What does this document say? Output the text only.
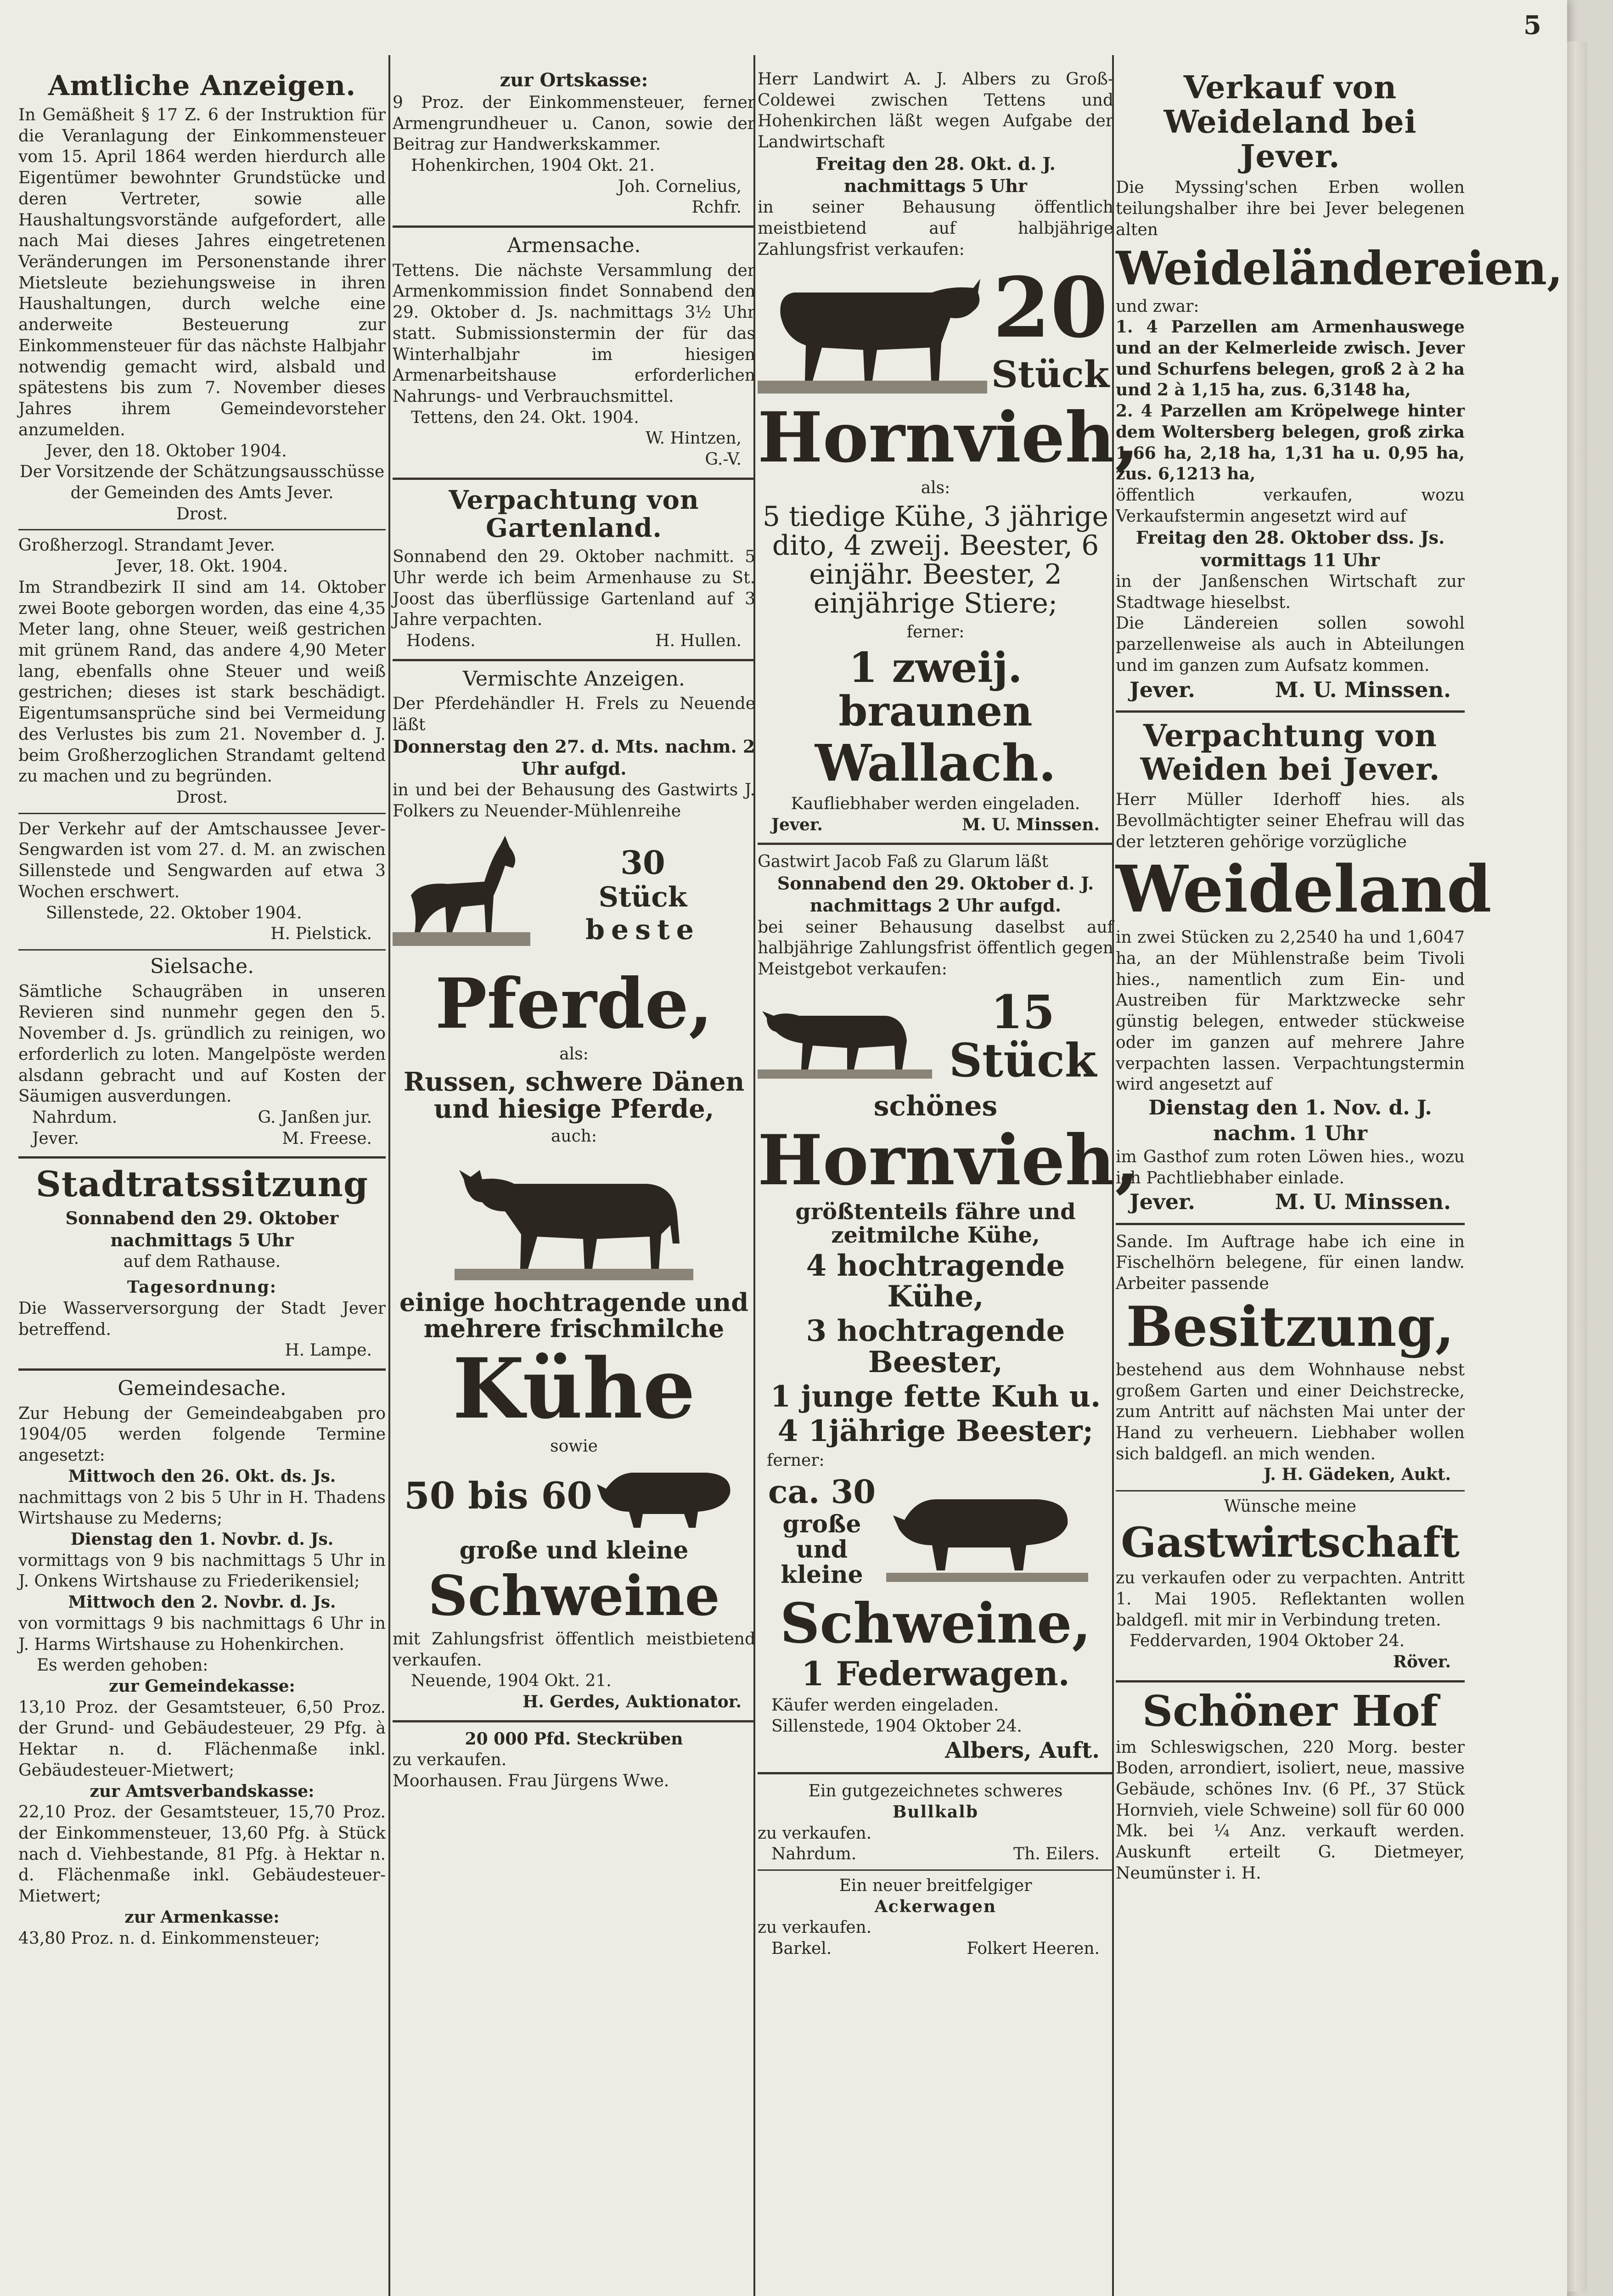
5
Amtliche Anzeigen.

In Gemäßheit § 17 Z. 6 der Instruktion für die Veranlagung der Einkommensteuer vom 15. April 1864 werden hierdurch alle Eigentümer bewohnter Grundstücke und deren Vertreter, sowie alle Haushaltungsvorstände aufgefordert, alle nach Mai dieses Jahres eingetretenen Veränderungen im Personenstande ihrer Mietsleute beziehungsweise in ihren Haushaltungen, durch welche eine anderweite Besteuerung zur Einkommensteuer für das nächste Halbjahr notwendig gemacht wird, alsbald und spätestens bis zum 7. November dieses Jahres ihrem Gemeindevorsteher anzumelden.

Jever, den 18. Oktober 1904.
Der Vorsitzende der Schätzungsausschüsse der Gemeinden des Amts Jever.
Drost.
Großherzogl. Strandamt Jever.
Jever, 18. Okt. 1904.

Im Strandbezirk II sind am 14. Oktober zwei Boote geborgen worden, das eine 4,35 Meter lang, ohne Steuer, weiß gestrichen mit grünem Rand, das andere 4,90 Meter lang, ebenfalls ohne Steuer und weiß gestrichen; dieses ist stark beschädigt. Eigentumsansprüche sind bei Vermeidung des Verlustes bis zum 21. November d. J. beim Großherzoglichen Strandamt geltend zu machen und zu begründen.

Drost.

Der Verkehr auf der Amtschaussee Jever-Sengwarden ist vom 27. d. M. an zwischen Sillenstede und Sengwarden auf etwa 3 Wochen erschwert.

Sillenstede, 22. Oktober 1904.
H. Pielstick.
Sielsache.

Sämtliche Schaugräben in unseren Revieren sind nunmehr gegen den 5. November d. Js. gründlich zu reinigen, wo erforderlich zu loten. Mangelpöste werden alsdann gebracht und auf Kosten der Säumigen ausverdungen.

Nahrdum.	G. Janßen jur.
Jever.	M. Freese.
Stadtratssitzung
Sonnabend den 29. Oktober nachmittags 5 Uhr
auf dem Rathause.
Tagesordnung:

Die Wasserversorgung der Stadt Jever betreffend.

H. Lampe.
Gemeindesache.

Zur Hebung der Gemeindeabgaben pro 1904/05 werden folgende Termine angesetzt:

Mittwoch den 26. Okt. ds. Js.

nachmittags von 2 bis 5 Uhr in H. Thadens Wirtshause zu Mederns;

Dienstag den 1. Novbr. d. Js.

vormittags von 9 bis nachmittags 5 Uhr in J. Onkens Wirtshause zu Friederikensiel;

Mittwoch den 2. Novbr. d. Js.

von vormittags 9 bis nachmittags 6 Uhr in J. Harms Wirtshause zu Hohenkirchen.

Es werden gehoben:
zur Gemeindekasse:

13,10 Proz. der Gesamtsteuer, 6,50 Proz. der Grund- und Gebäudesteuer, 29 Pfg. à Hektar n. d. Flächenmaße inkl. Gebäudesteuer-Mietwert;

zur Amtsverbandskasse:

22,10 Proz. der Gesamtsteuer, 15,70 Proz. der Einkommensteuer, 13,60 Pfg. à Stück nach d. Viehbestande, 81 Pfg. à Hektar n. d. Flächenmaße inkl. Gebäudesteuer-Mietwert;

zur Armenkasse:

43,80 Proz. n. d. Einkommensteuer;

zur Ortskasse:

9 Proz. der Einkommensteuer, ferner Armengrundheuer u. Canon, sowie der Beitrag zur Handwerkskammer.

Hohenkirchen, 1904 Okt. 21.
Joh. Cornelius,
Rchfr.
Armensache.

Tettens. Die nächste Versammlung der Armenkommission findet Sonnabend den 29. Oktober d. Js. nachmittags 3½ Uhr statt. Submissionstermin der für das Winterhalbjahr im hiesigen Armenarbeitshause erforderlichen Nahrungs- und Verbrauchsmittel.

Tettens, den 24. Okt. 1904.
W. Hintzen,
G.-V.
Verpachtung von Gartenland.

Sonnabend den 29. Oktober nachmitt. 5 Uhr werde ich beim Armenhause zu St. Joost das überflüssige Gartenland auf 3 Jahre verpachten.

Hodens.	H. Hullen.
Vermischte Anzeigen.

Der Pferdehändler H. Frels zu Neuende läßt

Donnerstag den 27. d. Mts. nachm. 2 Uhr aufgd.

in und bei der Behausung des Gastwirts J. Folkers zu Neuender-Mühlenreihe

30
Stück
beste
Pferde,
als:
Russen, schwere Dänen und hiesige Pferde,
auch:
einige hochtragende und mehrere frischmilche
Kühe
sowie
50 bis 60
große und kleine
Schweine

mit Zahlungsfrist öffentlich meistbietend verkaufen.

Neuende, 1904 Okt. 21.
H. Gerdes, Auktionator.
20 000 Pfd. Steckrüben
zu verkaufen.
Moorhausen. Frau Jürgens Wwe.

Herr Landwirt A. J. Albers zu Groß-Coldewei zwischen Tettens und Hohenkirchen läßt wegen Aufgabe der Landwirtschaft

Freitag den 28. Okt. d. J. nachmittags 5 Uhr

in seiner Behausung öffentlich meistbietend auf halbjährige Zahlungsfrist verkaufen:

20
Stück
Hornvieh,
als:
5 tiedige Kühe, 3 jährige dito, 4 zweij. Beester, 6 einjähr. Beester, 2 einjährige Stiere;
ferner:
1 zweij. braunen
Wallach.
Kaufliebhaber werden eingeladen.
Jever.	M. U. Minssen.

Gastwirt Jacob Faß zu Glarum läßt

Sonnabend den 29. Oktober d. J. nachmittags 2 Uhr aufgd.

bei seiner Behausung daselbst auf halbjährige Zahlungsfrist öffentlich gegen Meistgebot verkaufen:

15 Stück
schönes
Hornvieh,
größtenteils fähre und zeitmilche Kühe,
4 hochtragende Kühe,
3 hochtragende Beester,
1 junge fette Kuh u.
4 1jährige Beester;
ferner:
ca. 30
große und kleine
Schweine,
1 Federwagen.
Käufer werden eingeladen.
Sillenstede, 1904 Oktober 24.
Albers, Auft.
Ein gutgezeichnetes schweres
Bullkalb
zu verkaufen.
Nahrdum.	Th. Eilers.
Ein neuer breitfelgiger
Ackerwagen
zu verkaufen.
Barkel.	Folkert Heeren.
Verkauf von Weideland bei Jever.

Die Myssing'schen Erben wollen teilungshalber ihre bei Jever belegenen alten

Weideländereien,
und zwar:

1. 4 Parzellen am Armenhauswege und an der Kelmerleide zwisch. Jever und Schurfens belegen, groß 2 à 2 ha und 2 à 1,15 ha, zus. 6,3148 ha,

2. 4 Parzellen am Kröpelwege hinter dem Woltersberg belegen, groß zirka 1,66 ha, 2,18 ha, 1,31 ha u. 0,95 ha, zus. 6,1213 ha,

öffentlich verkaufen, wozu Verkaufstermin angesetzt wird auf

Freitag den 28. Oktober dss. Js. vormittags 11 Uhr

in der Janßenschen Wirtschaft zur Stadtwage hieselbst.

Die Ländereien sollen sowohl parzellenweise als auch in Abteilungen und im ganzen zum Aufsatz kommen.

Jever.	M. U. Minssen.
Verpachtung von Weiden bei Jever.

Herr Müller Iderhoff hies. als Bevollmächtigter seiner Ehefrau will das der letzteren gehörige vorzügliche

Weideland

in zwei Stücken zu 2,2540 ha und 1,6047 ha, an der Mühlenstraße beim Tivoli hies., namentlich zum Ein- und Austreiben für Marktzwecke sehr günstig belegen, entweder stückweise oder im ganzen auf mehrere Jahre verpachten lassen. Verpachtungstermin wird angesetzt auf

Dienstag den 1. Nov. d. J. nachm. 1 Uhr

im Gasthof zum roten Löwen hies., wozu ich Pachtliebhaber einlade.

Jever.	M. U. Minssen.

Sande. Im Auftrage habe ich eine in Fischelhörn belegene, für einen landw. Arbeiter passende

Besitzung,

bestehend aus dem Wohnhause nebst großem Garten und einer Deichstrecke, zum Antritt auf nächsten Mai unter der Hand zu verheuern. Liebhaber wollen sich baldgefl. an mich wenden.

J. H. Gädeken, Aukt.
Wünsche meine
Gastwirtschaft

zu verkaufen oder zu verpachten. Antritt 1. Mai 1905. Reflektanten wollen baldgefl. mit mir in Verbindung treten.

Feddervarden, 1904 Oktober 24.
Röver.
Schöner Hof

im Schleswigschen, 220 Morg. bester Boden, arrondiert, isoliert, neue, massive Gebäude, schönes Inv. (6 Pf., 37 Stück Hornvieh, viele Schweine) soll für 60 000 Mk. bei ¼ Anz. verkauft werden. Auskunft erteilt G. Dietmeyer, Neumünster i. H.
